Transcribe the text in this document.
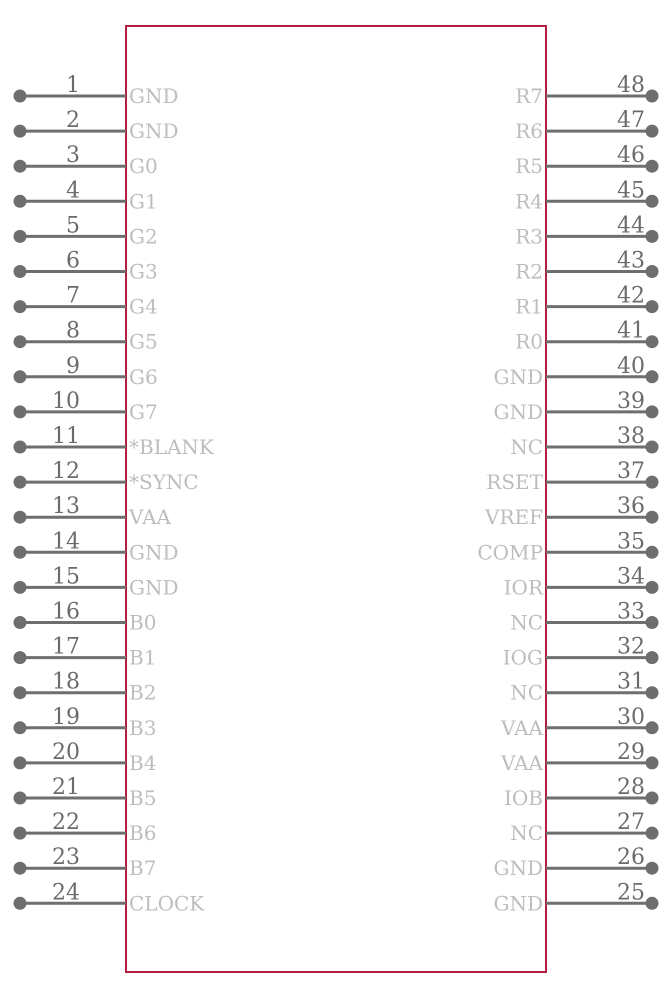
1 GND
2 GND
3 G0
4 G1
5 G2
6 G3
7 G4
8 G5
9 G6
10 G7
11 *BLANK
12 *SYNC
13 VAA
14 GND
15 GND
16 B0
17 B1
18 B2
19 B3
20 B4
21 B5
22 B6
23 B7
24 CLOCK
48
R7
47
R6
46
R5
45
R4
44
R3
43
R2
42
R1
41
R0
40
GND
39
GND
38
NC
37
RSET
36
VREF
35
COMP
34
IOR
33
NC
32
IOG
31
NC
30
VAA
29
VAA
28
IOB
27
NC
26
GND
25
GND
